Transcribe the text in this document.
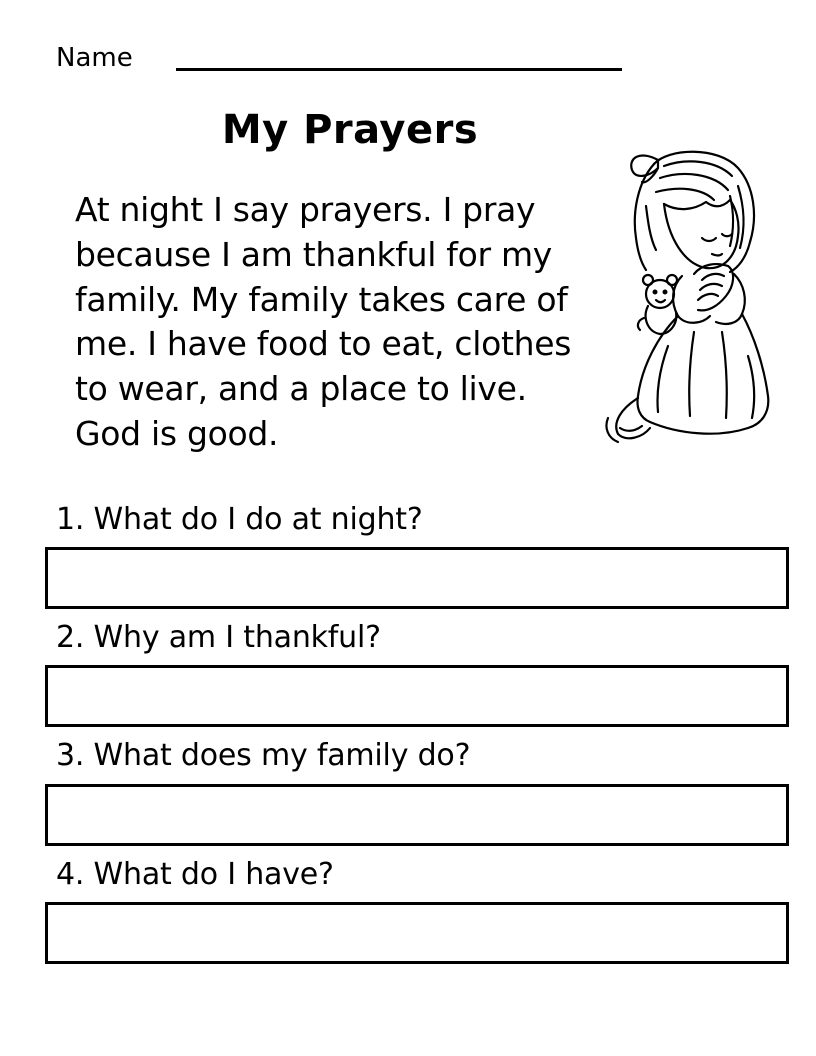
Name
My Prayers
At night I say prayers. I pray
because I am thankful for my
family. My family takes care of
me. I have food to eat, clothes
to wear, and a place to live.
God is good.
1. What do I do at night?
2. Why am I thankful?
3. What does my family do?
4. What do I have?
